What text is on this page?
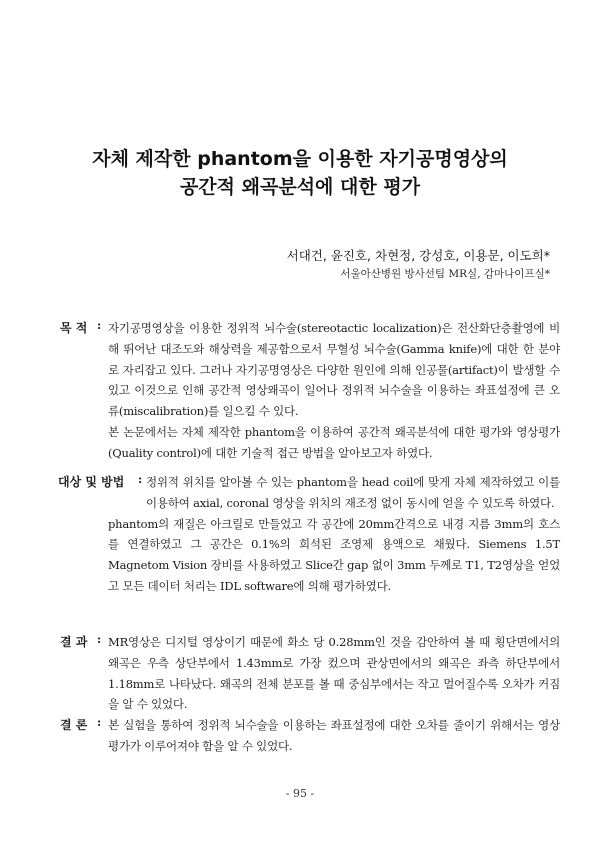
자체 제작한 phantom을 이용한 자기공명영상의
공간적 왜곡분석에 대한 평가
서대건, 윤진호, 차현정, 강성호, 이용문, 이도희*
서울아산병원 방사선팀 MR실, 감마나이프실*
목 적 : 자기공명영상을 이용한 정위적 뇌수술(stereotactic localization)은 전산화단층촬영에 비해 뛰어난 대조도와 해상력을 제공함으로서 무혈성 뇌수술(Gamma knife)에 대한 한 분야로 자리잡고 있다. 그러나 자기공명영상은 다양한 원인에 의해 인공물(artifact)이 발생할 수 있고 이것으로 인해 공간적 영상왜곡이 일어나 정위적 뇌수술을 이용하는 좌표설정에 큰 오류(miscalibration)를 일으킬 수 있다.

본 논문에서는 자체 제작한 phantom을 이용하여 공간적 왜곡분석에 대한 평가와 영상평가(Quality control)에 대한 기술적 접근 방법을 알아보고자 하였다.

대상 및 방법 : 정위적 위치를 알아볼 수 있는 phantom을 head coil에 맞게 자체 제작하였고 이를 이용하여 axial, coronal 영상을 위치의 재조정 없이 동시에 얻을 수 있도록 하였다.

phantom의 재질은 아크릴로 만들었고 각 공간에 20mm간격으로 내경 지름 3mm의 호스를 연결하였고 그 공간은 0.1%의 희석된 조영제 용액으로 채웠다. Siemens 1.5T Magnetom Vision 장비를 사용하였고 Slice간 gap 없이 3mm 두께로 T1, T2영상을 얻었고 모든 데이터 처리는 IDL software에 의해 평가하였다.

결 과 : MR영상은 디지털 영상이기 때문에 화소 당 0.28mm인 것을 감안하여 볼 때 횡단면에서의 왜곡은 우측 상단부에서 1.43mm로 가장 컸으며 관상면에서의 왜곡은 좌측 하단부에서 1.18mm로 나타났다. 왜곡의 전체 분포를 볼 때 중심부에서는 작고 멀어질수록 오차가 커짐을 알 수 있었다.

결 론 : 본 실험을 통하여 정위적 뇌수술을 이용하는 좌표설정에 대한 오차를 줄이기 위해서는 영상평가가 이루어져야 함을 알 수 있었다.

- 95 -
